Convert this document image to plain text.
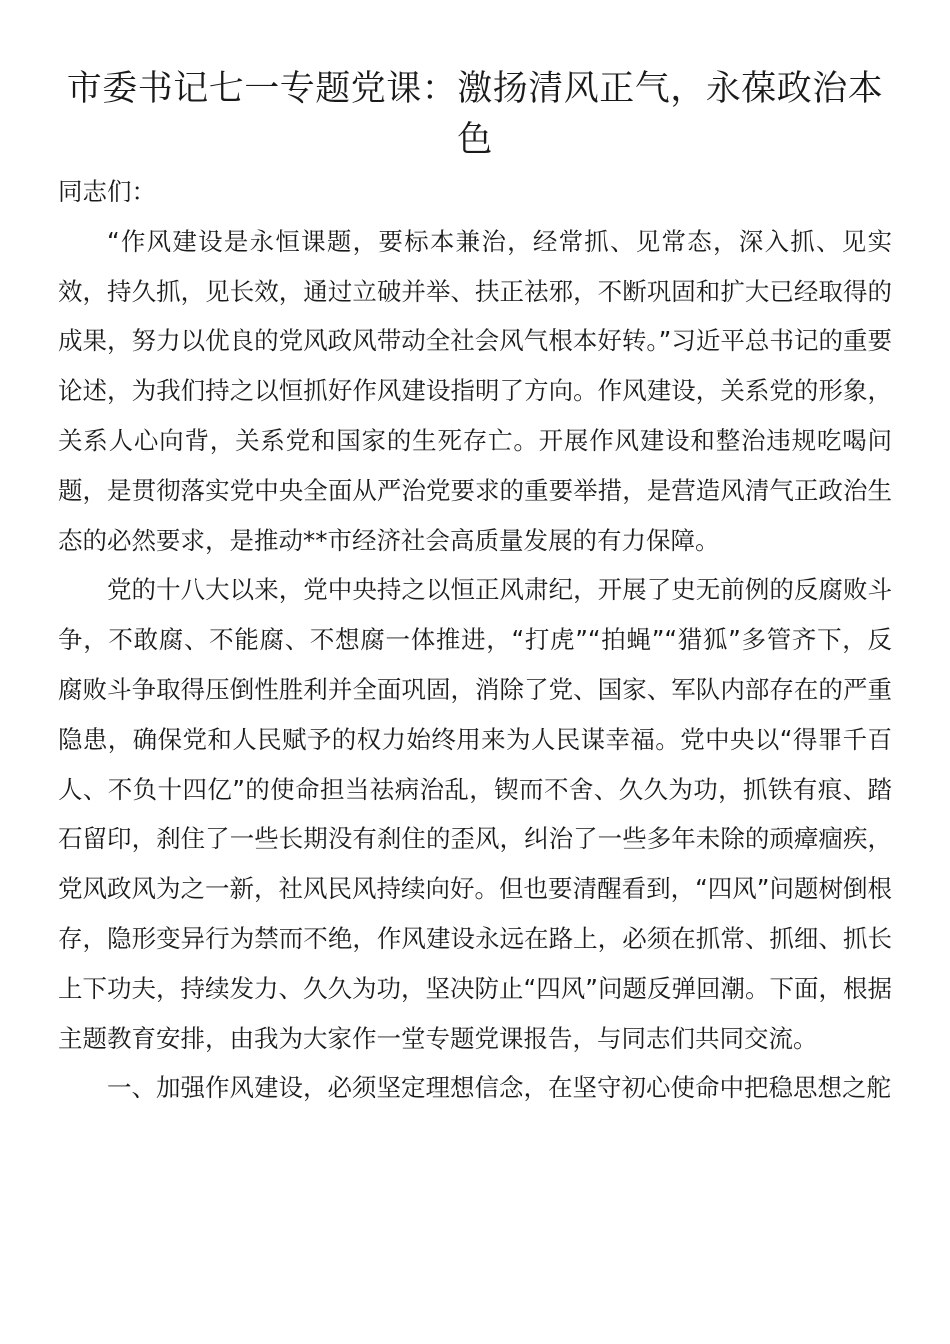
市委书记七一专题党课：激扬清风正气，永葆政治本色

同志们：

“作风建设是永恒课题，要标本兼治，经常抓、见常态，深入抓、见实效，持久抓，见长效，通过立破并举、扶正祛邪，不断巩固和扩大已经取得的成果，努力以优良的党风政风带动全社会风气根本好转。”习近平总书记的重要论述，为我们持之以恒抓好作风建设指明了方向。作风建设，关系党的形象，关系人心向背，关系党和国家的生死存亡。开展作风建设和整治违规吃喝问题，是贯彻落实党中央全面从严治党要求的重要举措，是营造风清气正政治生态的必然要求，是推动**市经济社会高质量发展的有力保障。

党的十八大以来，党中央持之以恒正风肃纪，开展了史无前例的反腐败斗争，不敢腐、不能腐、不想腐一体推进，“打虎”“拍蝇”“猎狐”多管齐下，反腐败斗争取得压倒性胜利并全面巩固，消除了党、国家、军队内部存在的严重隐患，确保党和人民赋予的权力始终用来为人民谋幸福。党中央以“得罪千百人、不负十四亿”的使命担当祛病治乱，锲而不舍、久久为功，抓铁有痕、踏石留印，刹住了一些长期没有刹住的歪风，纠治了一些多年未除的顽瘴痼疾，党风政风为之一新，社风民风持续向好。但也要清醒看到，“四风”问题树倒根存，隐形变异行为禁而不绝，作风建设永远在路上，必须在抓常、抓细、抓长上下功夫，持续发力、久久为功，坚决防止“四风”问题反弹回潮。下面，根据主题教育安排，由我为大家作一堂专题党课报告，与同志们共同交流。

一、加强作风建设，必须坚定理想信念，在坚守初心使命中把稳思想之舵
